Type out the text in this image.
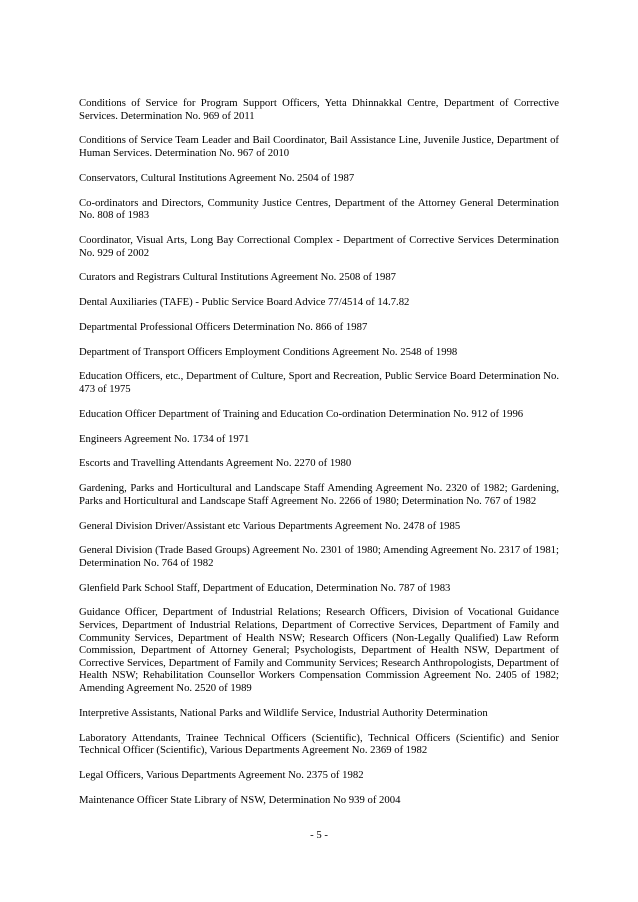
Conditions of Service for Program Support Officers, Yetta Dhinnakkal Centre, Department of Corrective Services. Determination No. 969 of 2011
Conditions of Service Team Leader and Bail Coordinator, Bail Assistance Line, Juvenile Justice, Department of Human Services. Determination No. 967 of 2010
Conservators, Cultural Institutions Agreement No. 2504 of 1987
Co-ordinators and Directors, Community Justice Centres, Department of the Attorney General Determination No. 808 of 1983
Coordinator, Visual Arts, Long Bay Correctional Complex - Department of Corrective Services Determination No. 929 of 2002
Curators and Registrars Cultural Institutions Agreement No. 2508 of 1987
Dental Auxiliaries (TAFE) - Public Service Board Advice 77/4514 of 14.7.82
Departmental Professional Officers Determination No. 866 of 1987
Department of Transport Officers Employment Conditions Agreement No. 2548 of 1998
Education Officers, etc., Department of Culture, Sport and Recreation, Public Service Board Determination No. 473 of 1975
Education Officer Department of Training and Education Co-ordination Determination No. 912 of 1996
Engineers Agreement No. 1734 of 1971
Escorts and Travelling Attendants Agreement No. 2270 of 1980
Gardening, Parks and Horticultural and Landscape Staff Amending Agreement No. 2320 of 1982; Gardening, Parks and Horticultural and Landscape Staff Agreement No. 2266 of 1980; Determination No. 767 of 1982
General Division Driver/Assistant etc Various Departments Agreement No. 2478 of 1985
General Division (Trade Based Groups) Agreement No. 2301 of 1980; Amending Agreement No. 2317 of 1981; Determination No. 764 of 1982
Glenfield Park School Staff, Department of Education, Determination No. 787 of 1983
Guidance Officer, Department of Industrial Relations; Research Officers, Division of Vocational Guidance Services, Department of Industrial Relations, Department of Corrective Services, Department of Family and Community Services, Department of Health NSW; Research Officers (Non-Legally Qualified) Law Reform Commission, Department of Attorney General; Psychologists, Department of Health NSW, Department of Corrective Services, Department of Family and Community Services; Research Anthropologists, Department of Health NSW; Rehabilitation Counsellor Workers Compensation Commission Agreement No. 2405 of 1982; Amending Agreement No. 2520 of 1989
Interpretive Assistants, National Parks and Wildlife Service, Industrial Authority Determination
Laboratory Attendants, Trainee Technical Officers (Scientific), Technical Officers (Scientific) and Senior Technical Officer (Scientific), Various Departments Agreement No. 2369 of 1982
Legal Officers, Various Departments Agreement No. 2375 of 1982
Maintenance Officer State Library of NSW, Determination No 939 of 2004
- 5 -
